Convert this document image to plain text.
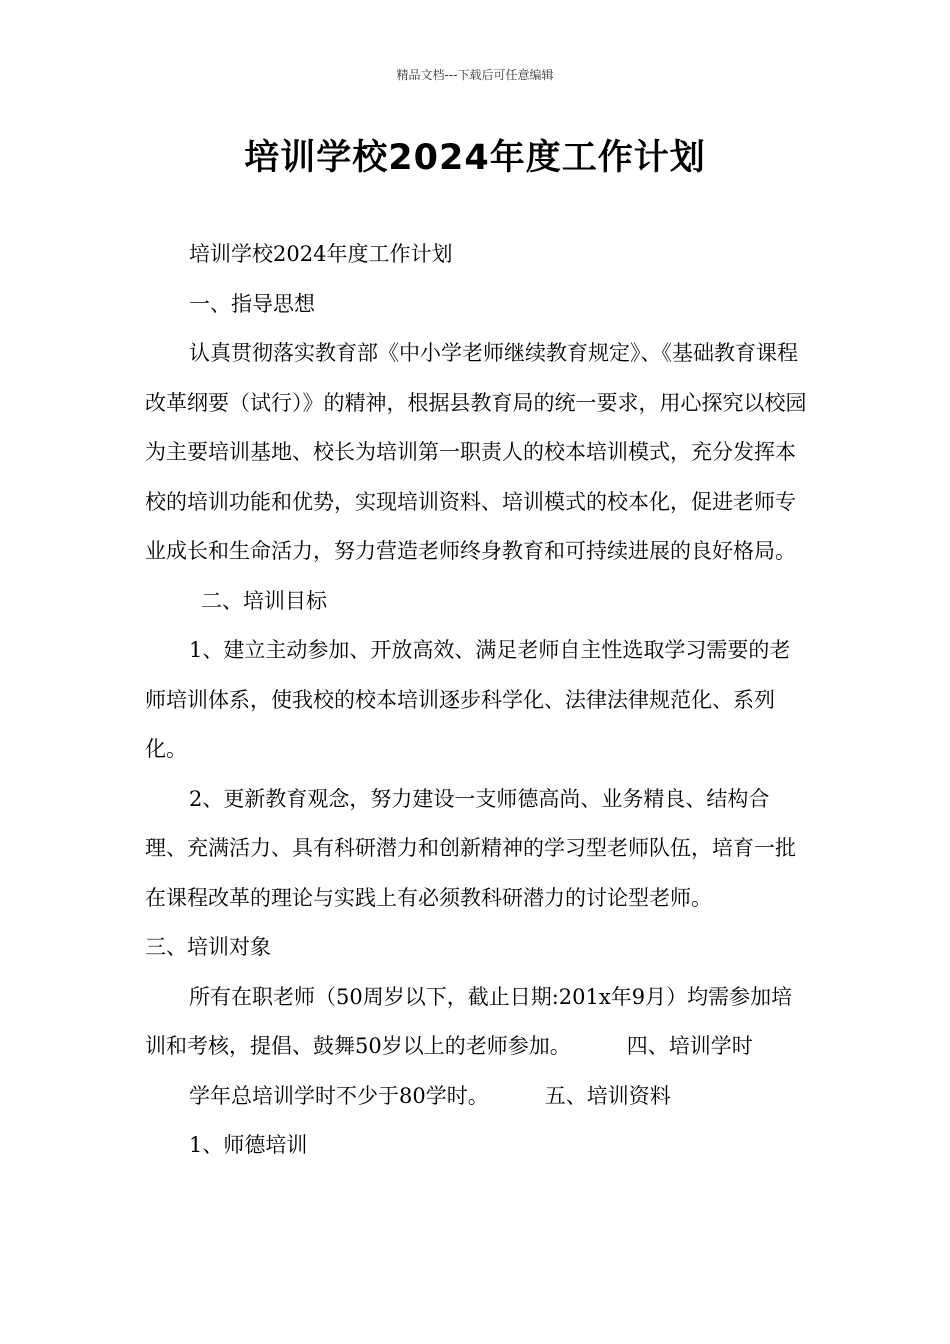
精品文档---下载后可任意编辑
培训学校2024年度工作计划

培训学校2024年度工作计划

一、指导思想

认真贯彻落实教育部《中小学老师继续教育规定》、《基础教育课程改革纲要（试行）》的精神，根据县教育局的统一要求，用心探究以校园为主要培训基地、校长为培训第一职责人的校本培训模式，充分发挥本校的培训功能和优势，实现培训资料、培训模式的校本化，促进老师专业成长和生命活力，努力营造老师终身教育和可持续进展的良好格局。二、培训目标

1、建立主动参加、开放高效、满足老师自主性选取学习需要的老师培训体系，使我校的校本培训逐步科学化、法律法律规范化、系列化。

2、更新教育观念，努力建设一支师德高尚、业务精良、结构合理、充满活力、具有科研潜力和创新精神的学习型老师队伍，培育一批在课程改革的理论与实践上有必须教科研潜力的讨论型老师。

三、培训对象

所有在职老师（50周岁以下，截止日期:201x年9月）均需参加培训和考核，提倡、鼓舞50岁以上的老师参加。	四、培训学时

学年总培训学时不少于80学时。	五、培训资料

1、师德培训
